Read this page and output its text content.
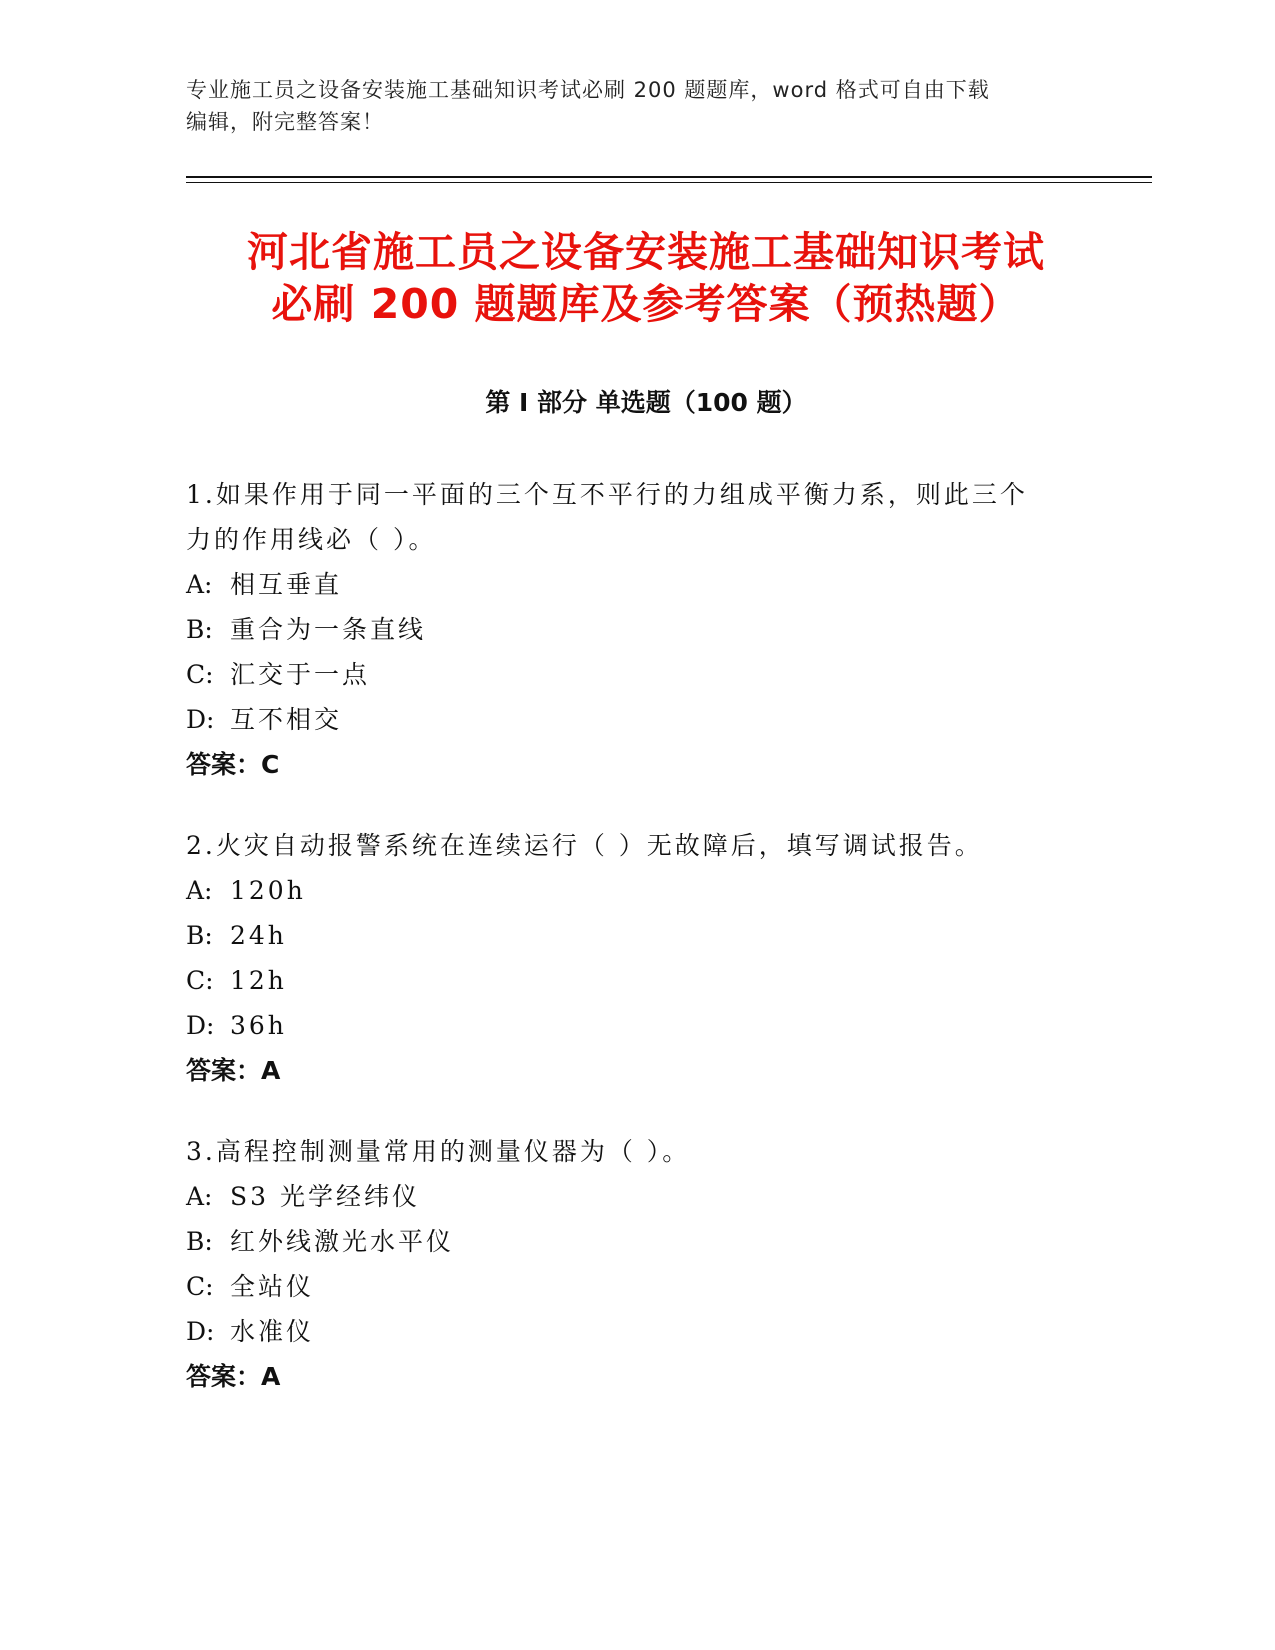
专业施工员之设备安装施工基础知识考试必刷 200 题题库，word 格式可自由下载
编辑，附完整答案！
河北省施工员之设备安装施工基础知识考试
必刷 200 题题库及参考答案（预热题）
第 I 部分 单选题（100 题）
1.如果作用于同一平面的三个互不平行的力组成平衡力系，则此三个
力的作用线必（ ）。
A: 相互垂直
B: 重合为一条直线
C: 汇交于一点
D: 互不相交
答案：C
2.火灾自动报警系统在连续运行（ ）无故障后，填写调试报告。
A: 120h
B: 24h
C: 12h
D: 36h
答案：A
3.高程控制测量常用的测量仪器为（ ）。
A: S3 光学经纬仪
B: 红外线激光水平仪
C: 全站仪
D: 水准仪
答案：A
